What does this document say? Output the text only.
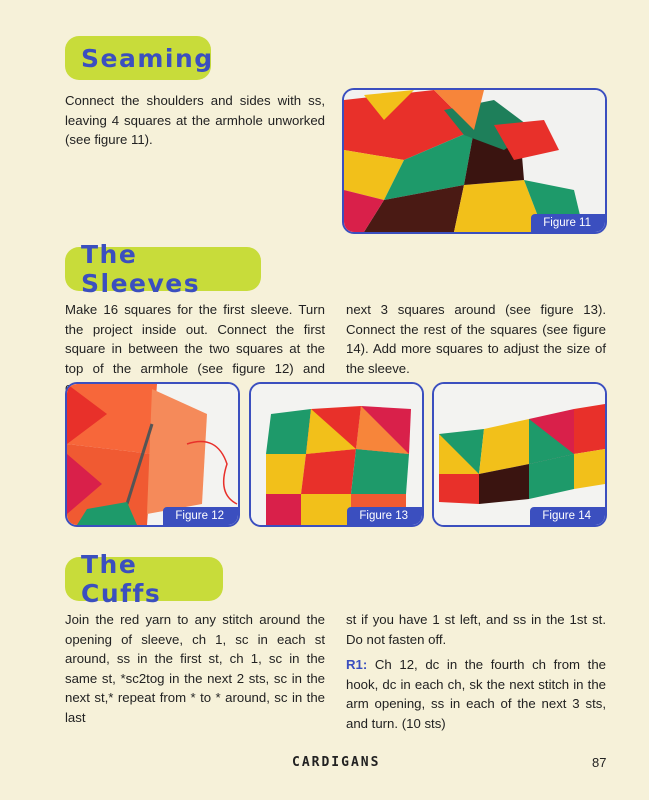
Seaming

Connect the shoulders and sides with ss, leaving 4 squares at the armhole unworked (see figure 11).

Figure 11
The Sleeves

Make 16 squares for the first sleeve. Turn the project inside out. Connect the first square in between the two squares at the top of the armhole (see figure 12) and

next 3 squares around (see figure 13). Connect the rest of the squares (see figure 14). Add more squares to adjust the size of the sleeve.

Figure 12	Figure 13	Figure 14
The Cuffs

Join the red yarn to any stitch around the opening of sleeve, ch 1, sc in each st around, ss in the first st, ch 1, sc in the same st, *sc2tog in the next 2 sts, sc in the next st,* repeat from * to * around, sc in the last

st if you have 1 st left, and ss in the 1st st. Do not fasten off.

R1: Ch 12, dc in the fourth ch from the hook, dc in each ch, sk the next stitch in the arm opening, ss in each of the next 3 sts, and turn. (10 sts)

CARDIGANS	87
